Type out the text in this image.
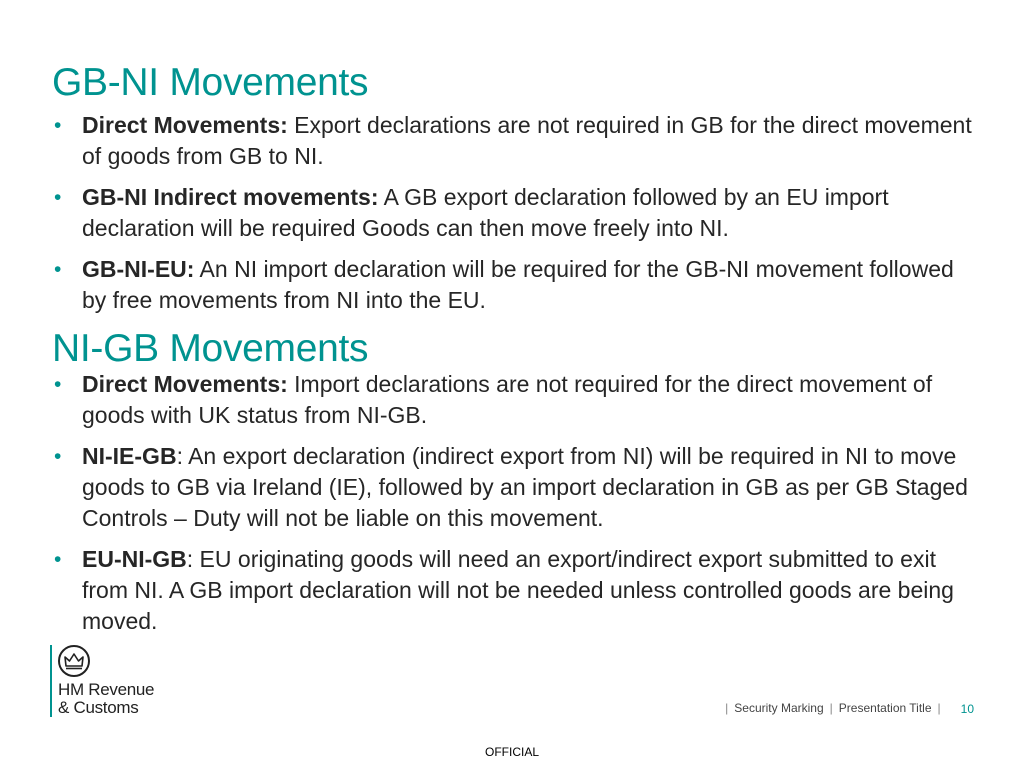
GB-NI Movements
• Direct Movements: Export declarations are not required in GB for the direct movement of goods from GB to NI.
• GB-NI Indirect movements: A GB export declaration followed by an EU import declaration will be required Goods can then move freely into NI.
• GB-NI-EU: An NI import declaration will be required for the GB-NI movement followed by free movements from NI into the EU.
NI-GB Movements
• Direct Movements: Import declarations are not required for the direct movement of goods with UK status from NI-GB.
• NI-IE-GB: An export declaration (indirect export from NI) will be required in NI to move goods to GB via Ireland (IE), followed by an import declaration in GB as per GB Staged Controls – Duty will not be liable on this movement.
• EU-NI-GB: EU originating goods will need an export/indirect export submitted to exit from NI. A GB import declaration will not be needed unless controlled goods are being moved.
HM Revenue
& Customs	| Security Marking | Presentation Title | 10
OFFICIAL
